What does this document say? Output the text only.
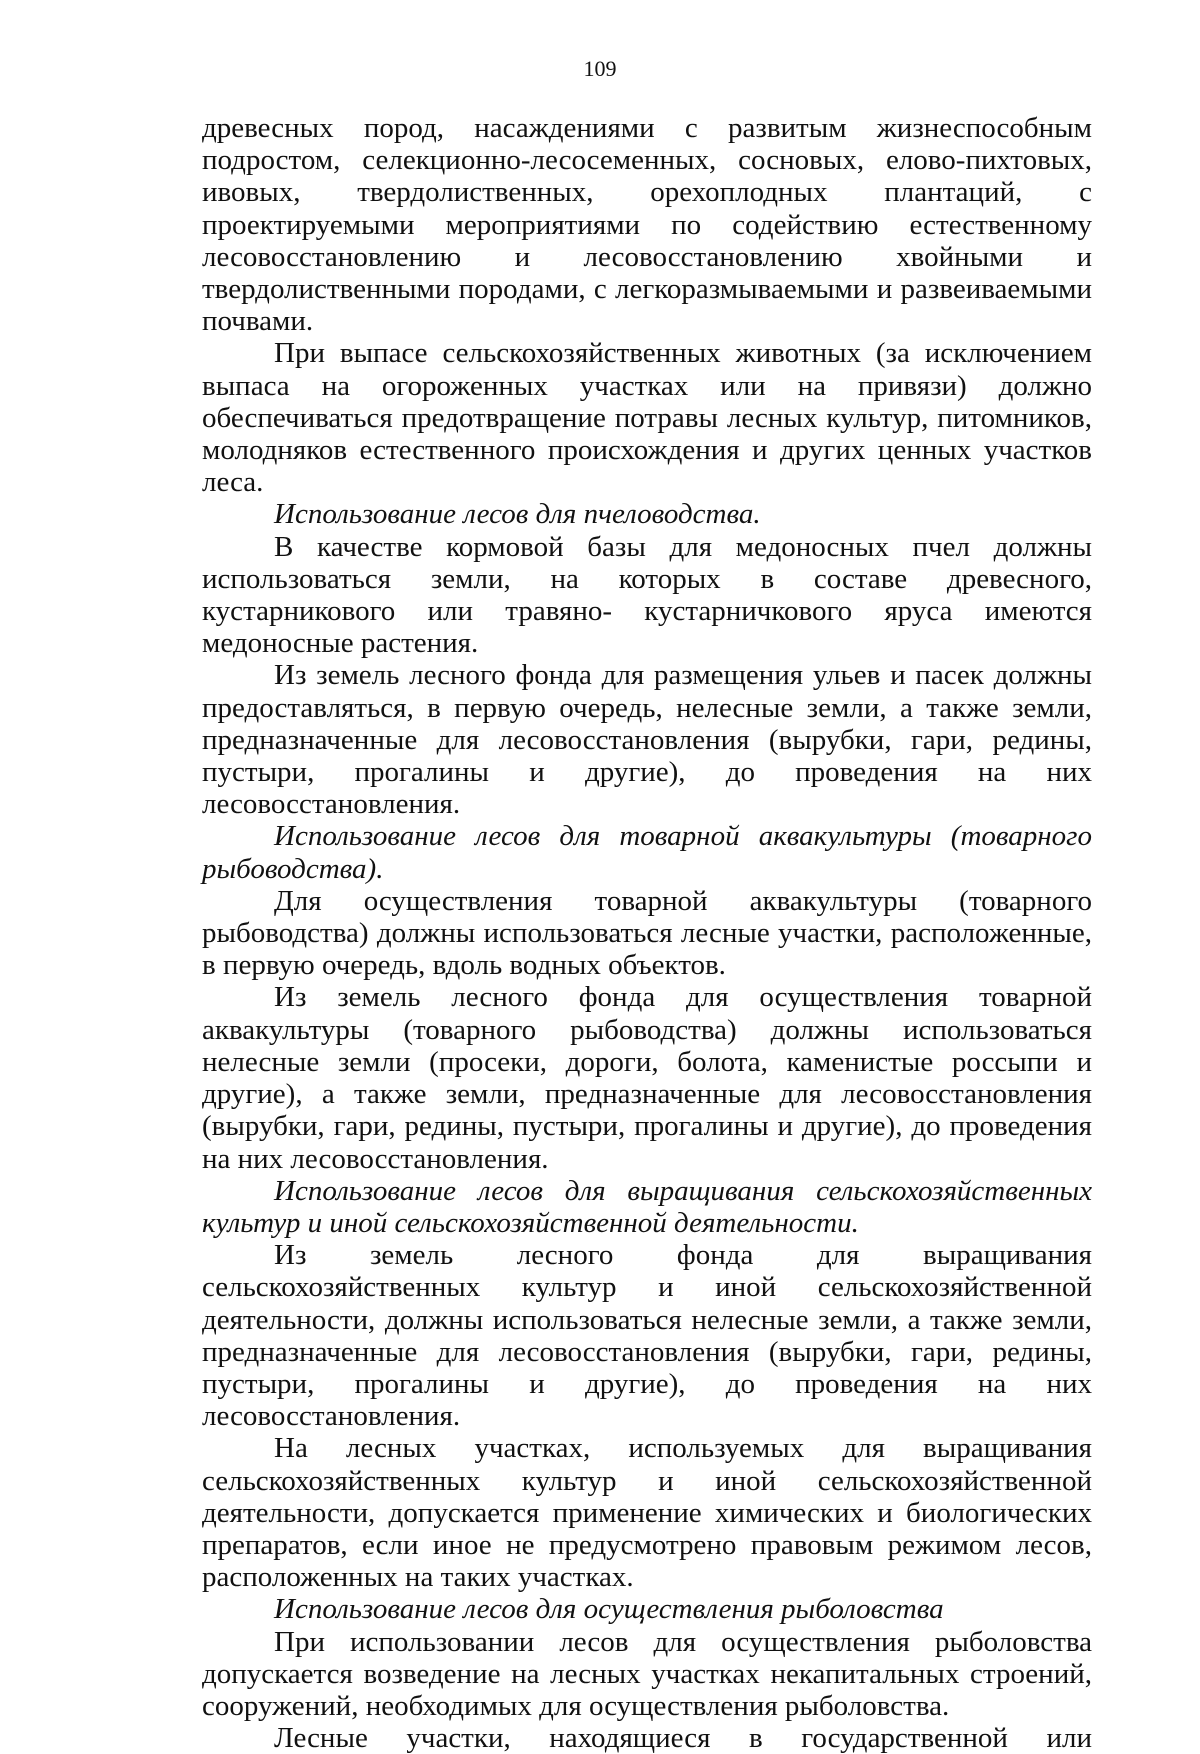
109

древесных пород, насаждениями с развитым жизнеспособным подростом, селекционно-лесосеменных, сосновых, елово-пихтовых, ивовых, твердолиственных, орехоплодных плантаций, с проектируемыми мероприятиями по содействию естественному лесовосстановлению и лесовосстановлению хвойными и твердолиственными породами, с легкоразмываемыми и развеиваемыми почвами.

При выпасе сельскохозяйственных животных (за исключением выпаса на огороженных участках или на привязи) должно обеспечиваться предотвращение потравы лесных культур, питомников, молодняков естественного происхождения и других ценных участков леса.

Использование лесов для пчеловодства.

В качестве кормовой базы для медоносных пчел должны использоваться земли, на которых в составе древесного, кустарникового или травяно- кустарничкового яруса имеются медоносные растения.

Из земель лесного фонда для размещения ульев и пасек должны предоставляться, в первую очередь, нелесные земли, а также земли, предназначенные для лесовосстановления (вырубки, гари, редины, пустыри, прогалины и другие), до проведения на них лесовосстановления.

Использование лесов для товарной аквакультуры (товарного рыбоводства).

Для осуществления товарной аквакультуры (товарного рыбоводства) должны использоваться лесные участки, расположенные, в первую очередь, вдоль водных объектов.

Из земель лесного фонда для осуществления товарной аквакультуры (товарного рыбоводства) должны использоваться нелесные земли (просеки, дороги, болота, каменистые россыпи и другие), а также земли, предназначенные для лесовосстановления (вырубки, гари, редины, пустыри, прогалины и другие), до проведения на них лесовосстановления.

Использование лесов для выращивания сельскохозяйственных культур и иной сельскохозяйственной деятельности.

Из земель лесного фонда для выращивания сельскохозяйственных культур и иной сельскохозяйственной деятельности, должны использоваться нелесные земли, а также земли, предназначенные для лесовосстановления (вырубки, гари, редины, пустыри, прогалины и другие), до проведения на них лесовосстановления.

На лесных участках, используемых для выращивания сельскохозяйственных культур и иной сельскохозяйственной деятельности, допускается применение химических и биологических препаратов, если иное не предусмотрено правовым режимом лесов, расположенных на таких участках.

Использование лесов для осуществления рыболовства

При использовании лесов для осуществления рыболовства допускается возведение на лесных участках некапитальных строений, сооружений, необходимых для осуществления рыболовства.

Лесные участки, находящиеся в государственной или
